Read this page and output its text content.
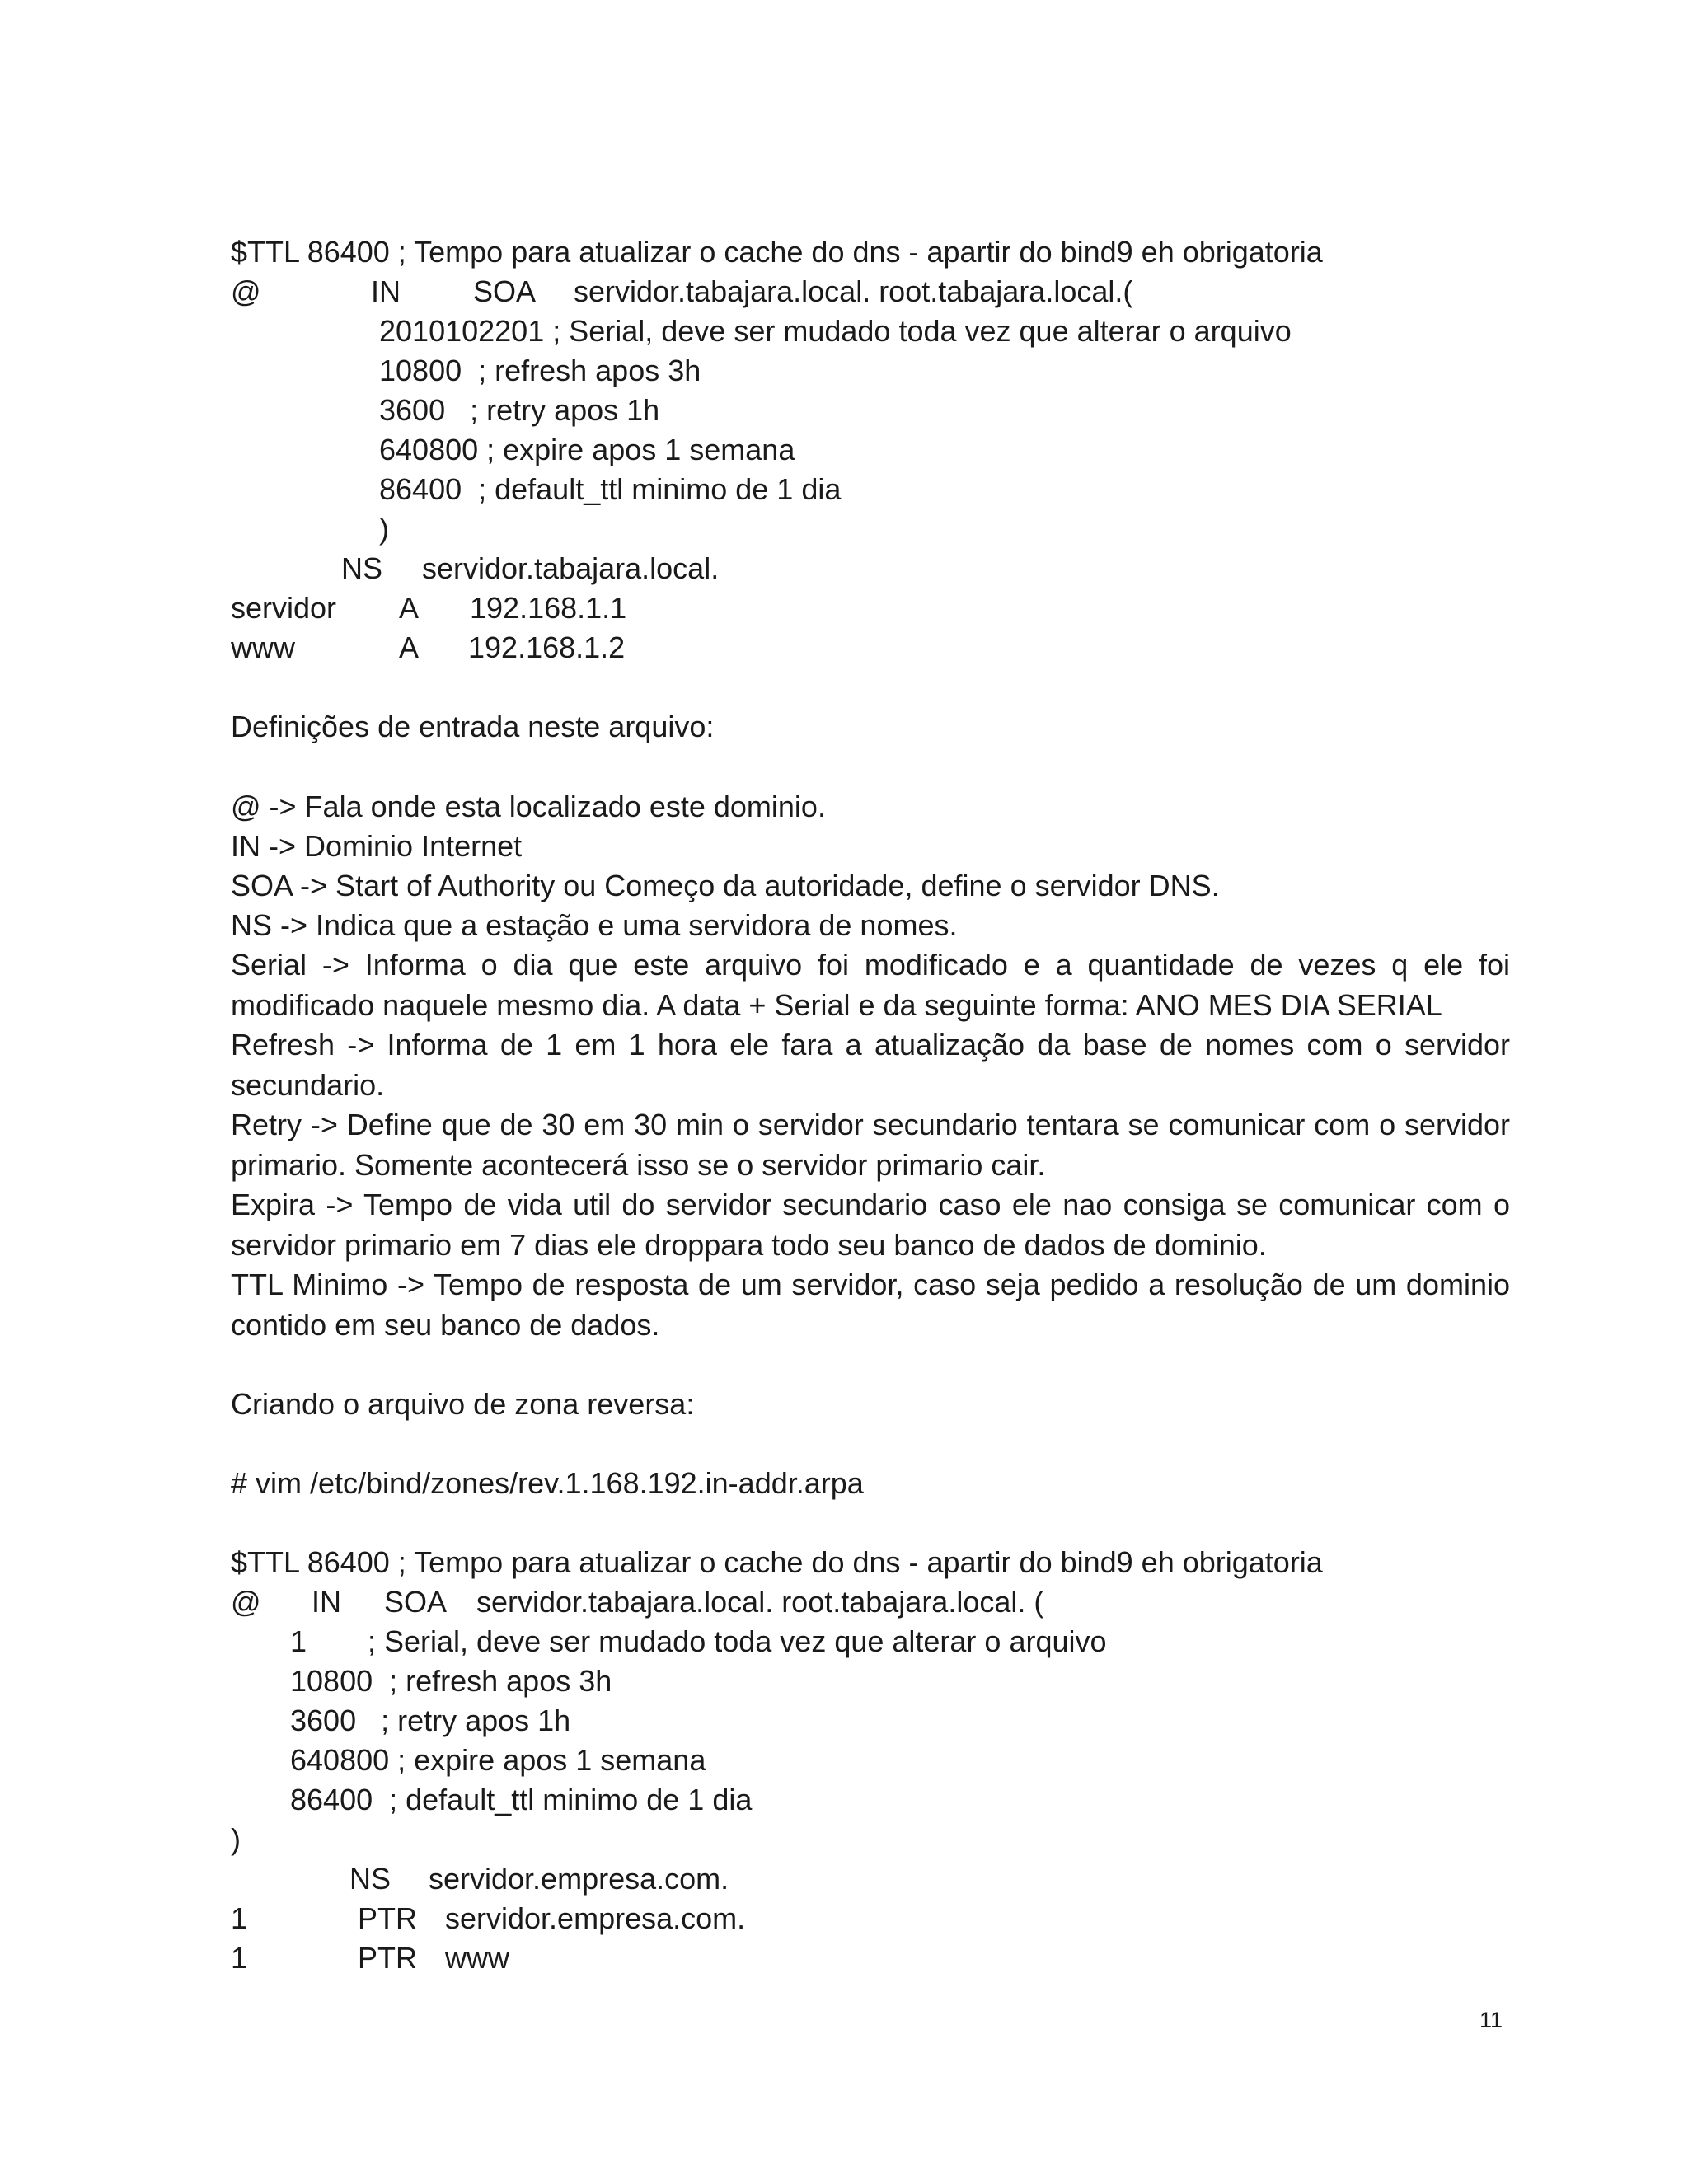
$TTL 86400 ; Tempo para atualizar o cache do dns - apartir do bind9 eh obrigatoria
@	IN SOA servidor.tabajara.local. root.tabajara.local.(
2010102201 ; Serial, deve ser mudado toda vez que alterar o arquivo
10800  ; refresh apos 3h
3600   ; retry apos 1h
640800 ; expire apos 1 semana
86400  ; default_ttl minimo de 1 dia
)
NS servidor.tabajara.local.
servidor A 192.168.1.1
www	A 192.168.1.2
Definições de entrada neste arquivo:
@ -> Fala onde esta localizado este dominio.
IN -> Dominio Internet
SOA -> Start of Authority ou Começo da autoridade, define o servidor DNS.
NS -> Indica que a estação e uma servidora de nomes.
Serial -> Informa o dia que este arquivo foi modificado e a quantidade de vezes q ele foi modificado naquele mesmo dia. A data + Serial e da seguinte forma: ANO MES DIA SERIAL
Refresh -> Informa de 1 em 1 hora ele fara a atualização da base de nomes com o servidor secundario.
Retry -> Define que de 30 em 30 min o servidor secundario tentara se comunicar com o servidor primario. Somente acontecerá isso se o servidor primario cair.
Expira -> Tempo de vida util do servidor secundario caso ele nao consiga se comunicar com o servidor primario em 7 dias ele droppara todo seu banco de dados de dominio.
TTL Minimo -> Tempo de resposta de um servidor, caso seja pedido a resolução de um dominio contido em seu banco de dados.
Criando o arquivo de zona reversa:
# vim /etc/bind/zones/rev.1.168.192.in-addr.arpa
$TTL 86400 ; Tempo para atualizar o cache do dns - apartir do bind9 eh obrigatoria
@ IN SOA servidor.tabajara.local. root.tabajara.local. (
1 ; Serial, deve ser mudado toda vez que alterar o arquivo
10800  ; refresh apos 3h
3600   ; retry apos 1h
640800 ; expire apos 1 semana
86400  ; default_ttl minimo de 1 dia
)
NS servidor.empresa.com.
1	PTR servidor.empresa.com.
1	PTR www
11
